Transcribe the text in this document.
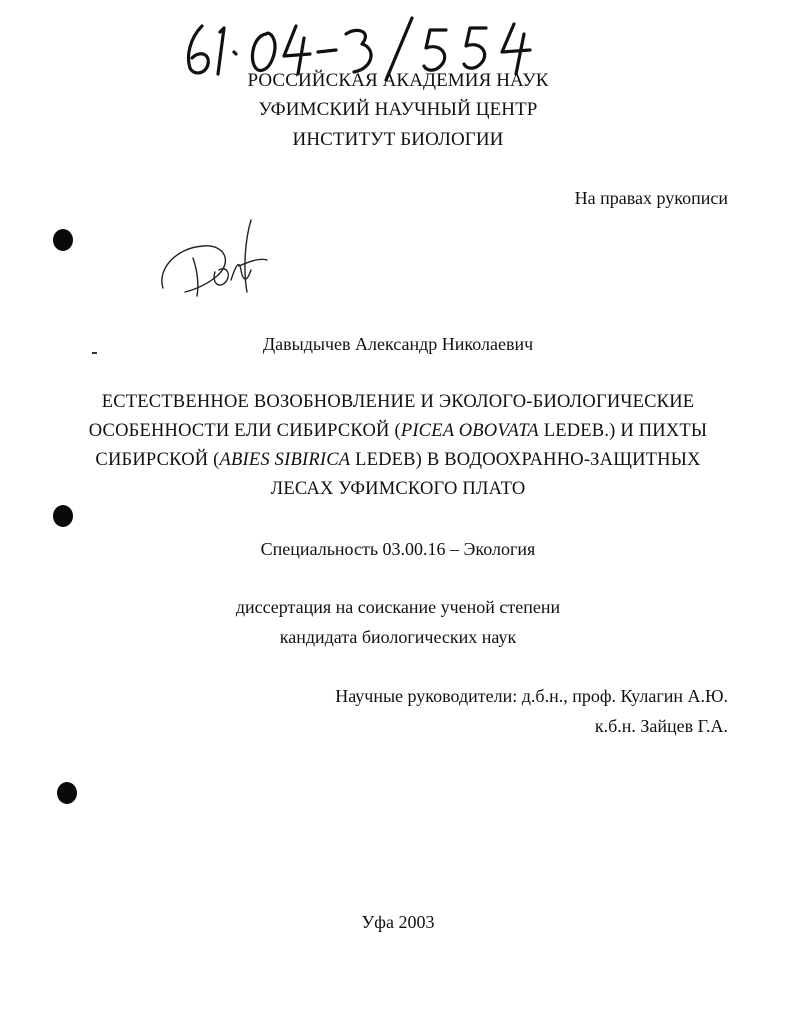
РОССИЙСКАЯ АКАДЕМИЯ НАУК
УФИМСКИЙ НАУЧНЫЙ ЦЕНТР
ИНСТИТУТ БИОЛОГИИ
На правах рукописи
Давыдычев Александр Николаевич
ЕСТЕСТВЕННОЕ ВОЗОБНОВЛЕНИЕ И ЭКОЛОГО-БИОЛОГИЧЕСКИЕ
ОСОБЕННОСТИ ЕЛИ СИБИРСКОЙ (PICEA OBOVATA LEDEB.) И ПИХТЫ
СИБИРСКОЙ (ABIES SIBIRICA LEDEB) В ВОДООХРАННО-ЗАЩИТНЫХ
ЛЕСАХ УФИМСКОГО ПЛАТО
Специальность 03.00.16 – Экология
диссертация на соискание ученой степени
кандидата биологических наук
Научные руководители: д.б.н., проф. Кулагин А.Ю.
к.б.н. Зайцев Г.А.
Уфа 2003
